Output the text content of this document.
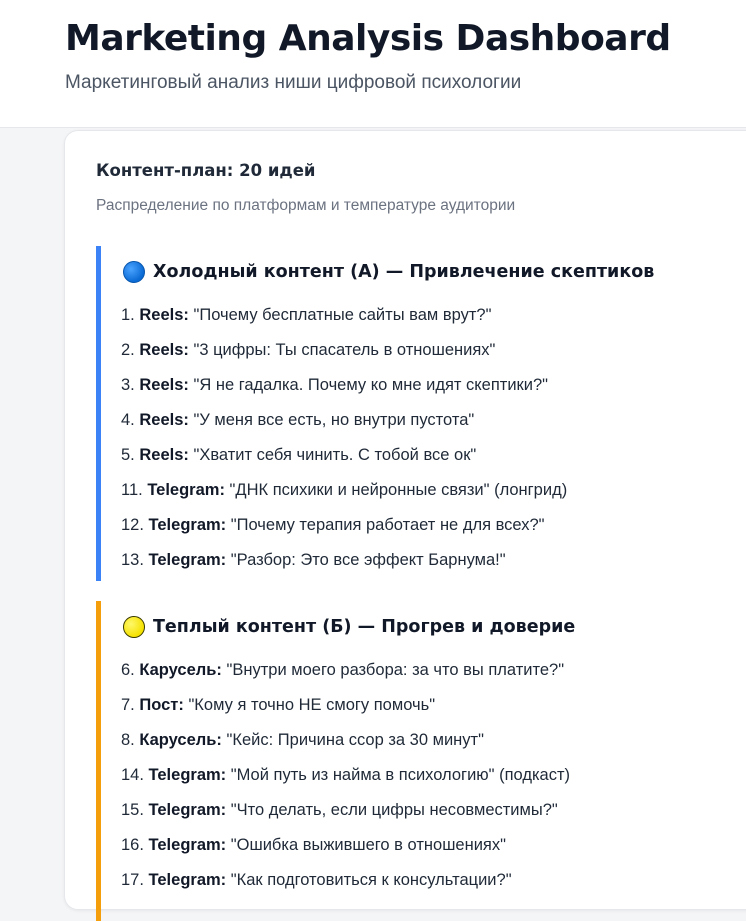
Marketing Analysis Dashboard
Маркетинговый анализ ниши цифровой психологии
Контент-план: 20 идей
Распределение по платформам и температуре аудитории
Холодный контент (А) — Привлечение скептиков
1. Reels: "Почему бесплатные сайты вам врут?"
2. Reels: "3 цифры: Ты спасатель в отношениях"
3. Reels: "Я не гадалка. Почему ко мне идят скептики?"
4. Reels: "У меня все есть, но внутри пустота"
5. Reels: "Хватит себя чинить. С тобой все ок"
11. Telegram: "ДНК психики и нейронные связи" (лонгрид)
12. Telegram: "Почему терапия работает не для всех?"
13. Telegram: "Разбор: Это все эффект Барнума!"
Теплый контент (Б) — Прогрев и доверие
6. Карусель: "Внутри моего разбора: за что вы платите?"
7. Пост: "Кому я точно НЕ смогу помочь"
8. Карусель: "Кейс: Причина ссор за 30 минут"
14. Telegram: "Мой путь из найма в психологию" (подкаст)
15. Telegram: "Что делать, если цифры несовместимы?"
16. Telegram: "Ошибка выжившего в отношениях"
17. Telegram: "Как подготовиться к консультации?"
